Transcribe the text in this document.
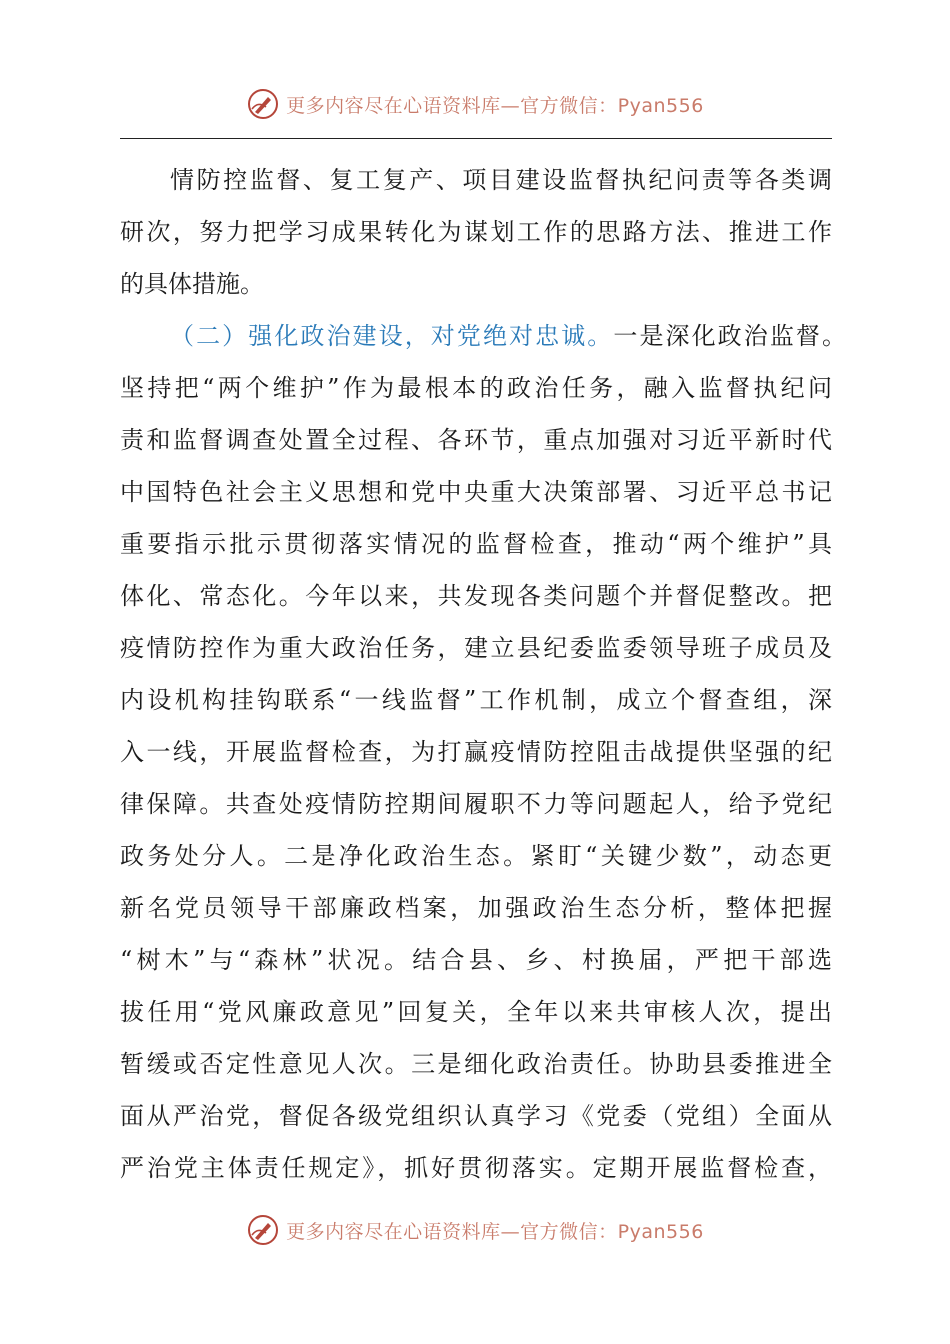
更多内容尽在心语资料库—官方微信：Pyan556
情防控监督、复工复产、项目建设监督执纪问责等各类调
研次，努力把学习成果转化为谋划工作的思路方法、推进工作
的具体措施。
（二）强化政治建设，对党绝对忠诚。一是深化政治监督。
坚持把“两个维护”作为最根本的政治任务，融入监督执纪问
责和监督调查处置全过程、各环节，重点加强对习近平新时代
中国特色社会主义思想和党中央重大决策部署、习近平总书记
重要指示批示贯彻落实情况的监督检查，推动“两个维护”具
体化、常态化。今年以来，共发现各类问题个并督促整改。把
疫情防控作为重大政治任务，建立县纪委监委领导班子成员及
内设机构挂钩联系“一线监督”工作机制，成立个督查组，深
入一线，开展监督检查，为打赢疫情防控阻击战提供坚强的纪
律保障。共查处疫情防控期间履职不力等问题起人，给予党纪
政务处分人。二是净化政治生态。紧盯“关键少数”，动态更
新名党员领导干部廉政档案，加强政治生态分析，整体把握
“树木”与“森林”状况。结合县、乡、村换届，严把干部选
拔任用“党风廉政意见”回复关，全年以来共审核人次，提出
暂缓或否定性意见人次。三是细化政治责任。协助县委推进全
面从严治党，督促各级党组织认真学习《党委（党组）全面从
严治党主体责任规定》，抓好贯彻落实。定期开展监督检查，
更多内容尽在心语资料库—官方微信：Pyan556
